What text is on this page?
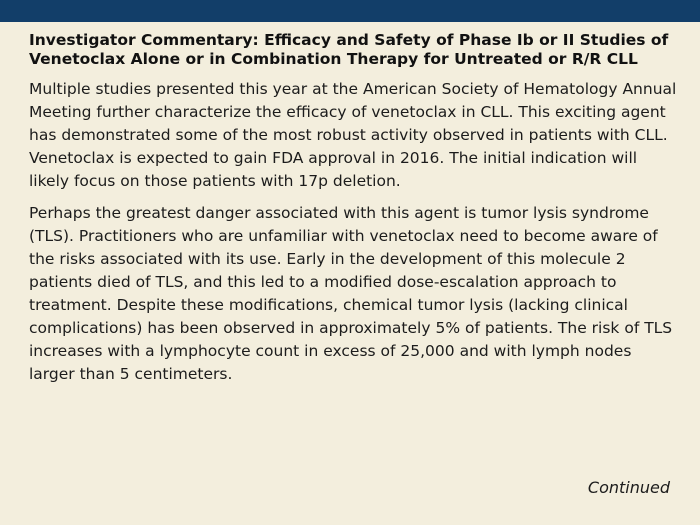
Investigator Commentary: Efficacy and Safety of Phase Ib or II Studies of Venetoclax Alone or in Combination Therapy for Untreated or R/R CLL

Multiple studies presented this year at the American Society of Hematology Annual Meeting further characterize the efficacy of venetoclax in CLL. This exciting agent has demonstrated some of the most robust activity observed in patients with CLL. Venetoclax is expected to gain FDA approval in 2016. The initial indication will likely focus on those patients with 17p deletion.

Perhaps the greatest danger associated with this agent is tumor lysis syndrome (TLS). Practitioners who are unfamiliar with venetoclax need to become aware of the risks associated with its use. Early in the development of this molecule 2 patients died of TLS, and this led to a modified dose-escalation approach to treatment. Despite these modifications, chemical tumor lysis (lacking clinical complications) has been observed in approximately 5% of patients. The risk of TLS increases with a lymphocyte count in excess of 25,000 and with lymph nodes larger than 5 centimeters.

Continued
